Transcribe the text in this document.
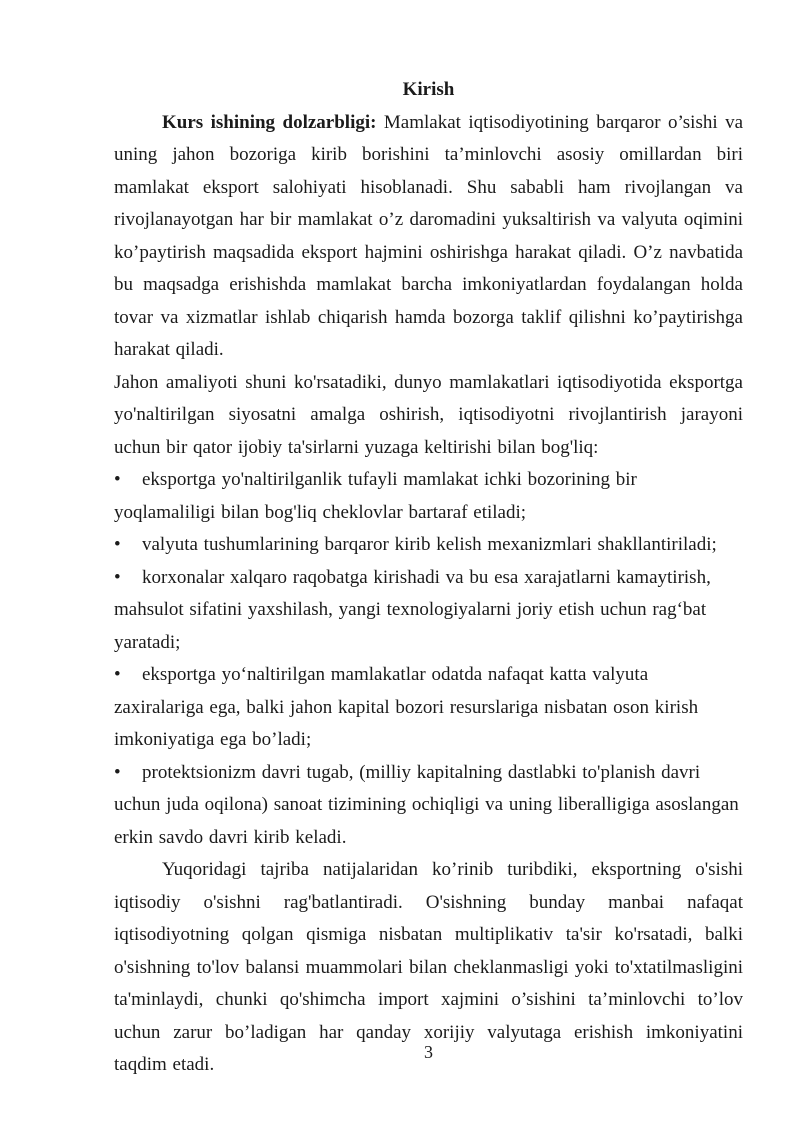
Kirish

Kurs ishining dolzarbligi: Mamlakat iqtisodiyotining barqaror o’sishi va uning jahon bozoriga kirib borishini ta’minlovchi asosiy omillardan biri mamlakat eksport salohiyati hisoblanadi. Shu sababli ham rivojlangan va rivojlanayotgan har bir mamlakat o’z daromadini yuksaltirish va valyuta oqimini ko’paytirish maqsadida eksport hajmini oshirishga harakat qiladi. O’z navbatida bu maqsadga erishishda mamlakat barcha imkoniyatlardan foydalangan holda tovar va xizmatlar ishlab chiqarish hamda bozorga taklif qilishni ko’paytirishga harakat qiladi.

Jahon amaliyoti shuni ko'rsatadiki, dunyo mamlakatlari iqtisodiyotida eksportga yo'naltirilgan siyosatni amalga oshirish, iqtisodiyotni rivojlantirish jarayoni uchun bir qator ijobiy ta'sirlarni yuzaga keltirishi bilan bog'liq:

• eksportga yo'naltirilganlik tufayli mamlakat ichki bozorining bir yoqlamaliligi bilan bog'liq cheklovlar bartaraf etiladi;
• valyuta tushumlarining barqaror kirib kelish mexanizmlari shakllantiriladi;
• korxonalar xalqaro raqobatga kirishadi va bu esa xarajatlarni kamaytirish, mahsulot sifatini yaxshilash, yangi texnologiyalarni joriy etish uchun rag‘bat yaratadi;
• eksportga yo‘naltirilgan mamlakatlar odatda nafaqat katta valyuta zaxiralariga ega, balki jahon kapital bozori resurslariga nisbatan oson kirish imkoniyatiga ega bo’ladi;
• protektsionizm davri tugab, (milliy kapitalning dastlabki to'planish davri uchun juda oqilona) sanoat tizimining ochiqligi va uning liberalligiga asoslangan erkin savdo davri kirib keladi.

Yuqoridagi tajriba natijalaridan ko’rinib turibdiki, eksportning o'sishi iqtisodiy o'sishni rag'batlantiradi. O'sishning bunday manbai nafaqat iqtisodiyotning qolgan qismiga nisbatan multiplikativ ta'sir ko'rsatadi, balki o'sishning to'lov balansi muammolari bilan cheklanmasligi yoki to'xtatilmasligini ta'minlaydi, chunki qo'shimcha import xajmini o’sishini ta’minlovchi to’lov uchun zarur bo’ladigan har qanday xorijiy valyutaga erishish imkoniyatini taqdim etadi.

3
